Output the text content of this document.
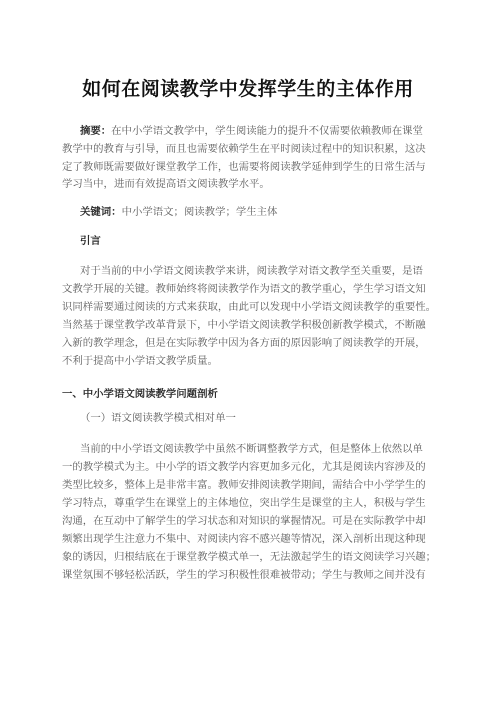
如何在阅读教学中发挥学生的主体作用
摘要：在中小学语文教学中，学生阅读能力的提升不仅需要依赖教师在课堂
教学中的教育与引导，而且也需要依赖学生在平时阅读过程中的知识积累，这决
定了教师既需要做好课堂教学工作，也需要将阅读教学延伸到学生的日常生活与
学习当中，进而有效提高语文阅读教学水平。
关键词：中小学语文；阅读教学；学生主体
引言
对于当前的中小学语文阅读教学来讲，阅读教学对语文教学至关重要，是语
文教学开展的关键。教师始终将阅读教学作为语文的教学重心，学生学习语文知
识同样需要通过阅读的方式来获取，由此可以发现中小学语文阅读教学的重要性。
当然基于课堂教学改革背景下，中小学语文阅读教学积极创新教学模式，不断融
入新的教学理念，但是在实际教学中因为各方面的原因影响了阅读教学的开展，
不利于提高中小学语文教学质量。
一、中小学语文阅读教学问题剖析
（一）语文阅读教学模式相对单一
当前的中小学语文阅读教学中虽然不断调整教学方式，但是整体上依然以单
一的教学模式为主。中小学的语文教学内容更加多元化，尤其是阅读内容涉及的
类型比较多，整体上是非常丰富。教师安排阅读教学期间，需结合中小学学生的
学习特点，尊重学生在课堂上的主体地位，突出学生是课堂的主人，积极与学生
沟通，在互动中了解学生的学习状态和对知识的掌握情况。可是在实际教学中却
频繁出现学生注意力不集中、对阅读内容不感兴趣等情况，深入剖析出现这种现
象的诱因，归根结底在于课堂教学模式单一，无法激起学生的语文阅读学习兴趣；
课堂氛围不够轻松活跃，学生的学习积极性很难被带动；学生与教师之间并没有
